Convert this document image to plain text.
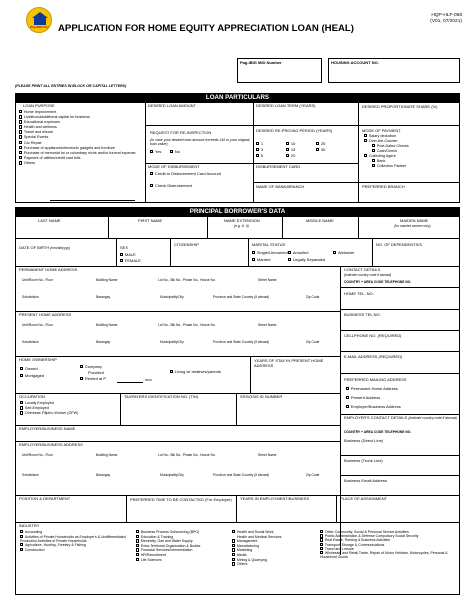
Pag-IBIG Fund
HQP-HLF-058
(V01, 07/2021)
APPLICATION FOR HOME EQUITY APPRECIATION LOAN (HEAL)
Pag-IBIG MID Number	HOUSING ACCOUNT NO.
(PLEASE PRINT ALL ENTRIES IN BLOCK OR CAPITAL LETTERS)
LOAN PARTICULARS
LOAN PURPOSE
Home Improvement
Livelihood/additional capital for business
Educational expenses
Health and wellness
Travel and leisure
Special Events
Car Repair
Purchase of appliances/electronic gadgets and furniture
Purchase of memorial lot or columbary niche and/or funeral expense
Payment of utilities/credit card bills
Others
DESIRED LOAN AMOUNT	DESIRED LOAN TERM (YEARS)	DESIRED PROPORTIONATE SHARE (%)
REQUEST FOR RE-INSPECTION
(In case your desired loan amount exceeds 1M or your original loan value)
Yes	No
DESIRED RE-PRICING PERIOD (YEARS)
1
3
5
10
15
20
25
30
MODE OF PAYMENT
Salary deduction
Over-the-Counter
Post-Dated Checks
Cash/Check
Collecting Agent
Bank
Collection Partner
MODE OF DISBURSEMENT
Credit to Disbursement Card Account
Check Disbursement
DISBURSEMENT CARD
NAME OF BANK/BRANCH	PREFERRED BRANCH
PRINCIPAL BORROWER'S DATA
LAST NAME	FIRST NAME	NAME EXTENSION
(e.g. Jr. II)
MIDDLE NAME	MAIDEN NAME
(for married women only)
DATE OF BIRTH (mm/dd/yyyy)	SEX
MALE
FEMALE
CITIZENSHIP	MARITAL STATUS
Single/Unmarried
Married
Annulled
Legally Separated
Widow/er
NO. OF DEPENDENTS/S
PERMANENT HOME ADDRESS
Unit/Room No., Floor	Building Name	Lot No., Blk No., Phase No., House No.	Street Name
Subdivision	Barangay	Municipality/City	Province and State Country (if abroad)	Zip Code
PRESENT HOME ADDRESS
Unit/Room No., Floor	Building Name	Lot No., Blk No., Phase No., House No.	Street Name
Subdivision	Barangay	Municipality/City	Province and State Country (if abroad)	Zip Code
CONTACT DETAILS
(Indicate country code if abroad)
COUNTRY + AREA CODE TELEPHONE NO.
HOME TEL. NO.
BUSINESS TEL NO.
CELLPHONE NO. (REQUIRED)
E-MAIL ADDRESS (REQUIRED)
HOME OWNERSHIP
Owned
Mortgaged
Company
Provided
Rented at P	/mo
Living w/ relatives/parents
YEARS OF STAY IN PRESENT HOME ADDRESS
PREFERRED MAILING ADDRESS
Permanent Home Address
Present Address
Employer/Business Address
OCCUPATION
Locally Employed
Self-Employed
Overseas Filipino Worker (OFW)
TAXPAYERS IDENTIFICATION NO. (TIN)	SSS/GSIS ID NUMBER
EMPLOYER/BUSINESS NAME
EMPLOYER'S CONTACT DETAILS (Indicate country code if abroad)
COUNTRY + AREA CODE TELEPHONE NO.
Business (Direct Line)
Business (Trunk Line)
Business Email Address
EMPLOYER/BUSINESS ADDRESS
Unit/Room No., Floor	Building Name	Lot No., Blk No., Phase No., House No.	Street Name
Subdivision	Barangay	Municipality/City	Province and State Country (if abroad)	Zip Code
POSITION & DEPARTMENT	PREFERRED TIME TO BE CONTACTED (For Employer)	YEARS IN EMPLOYMENT/BUSINESS	PLACE OF ASSIGNMENT
INDUSTRY
Accounting
Activities of Private Households as Employer's & Undifferentiated Production Activities of Private Households
Agriculture, Hunting, Forestry & Fishing
Construction
Business Process Outsourcing (BPO)
Education & Training
Electricity, Gas and Water Supply
Extra-Territorial Organization & Bodies
Financial Services/Intermediation
HR/Recruitment
Life Sciences
Health and Social Work,
Health and Medical Services
Management
Manufacturing
Marketing
Media
Mining & Quarrying
Others
Other Community, Social & Personal Service Activities
Public Administration & Defense Compulsory Social Security
Real Estate, Renting & Business Activities
Transport, Storage & Communications
Travel and Leisure
Wholesale and Retail Trade, Repair of Motor Vehicles, Motorcycles, Personal & Household Goods
